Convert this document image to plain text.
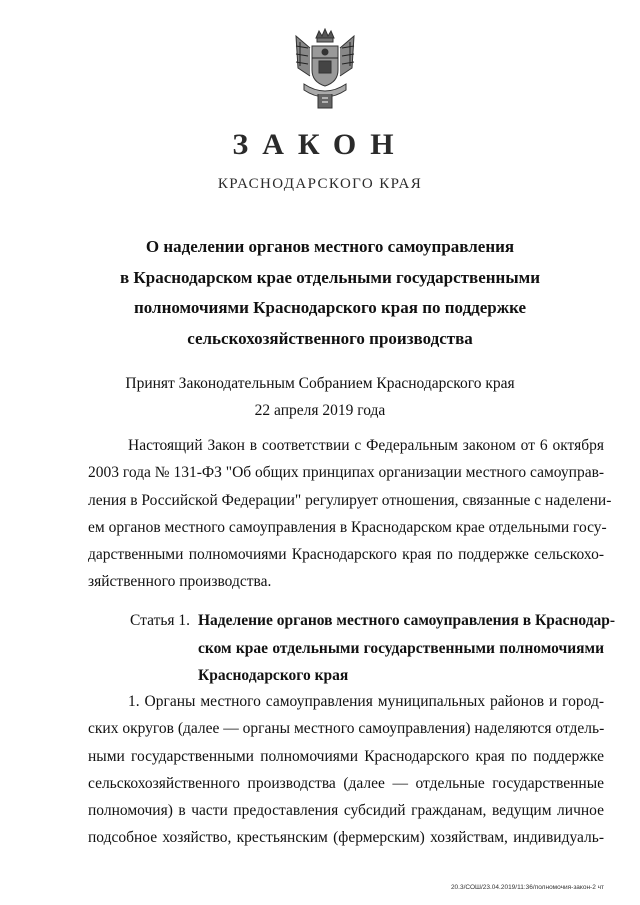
ЗАКОН
КРАСНОДАРСКОГО КРАЯ
О наделении органов местного самоуправления
в Краснодарском крае отдельными государственными
полномочиями Краснодарского края по поддержке
сельскохозяйственного производства
Принят Законодательным Собранием Краснодарского края
22 апреля 2019 года
Настоящий Закон в соответствии с Федеральным законом от 6 октября
2003 года № 131-ФЗ "Об общих принципах организации местного самоуправ-
ления в Российской Федерации" регулирует отношения, связанные с наделени-
ем органов местного самоуправления в Краснодарском крае отдельными госу-
дарственными полномочиями Краснодарского края по поддержке сельскохо-
зяйственного производства.
Статья 1. Наделение органов местного самоуправления в Краснодар-
ском крае отдельными государственными полномочиями
Краснодарского края
1. Органы местного самоуправления муниципальных районов и город-
ских округов (далее — органы местного самоуправления) наделяются отдель-
ными государственными полномочиями Краснодарского края по поддержке
сельскохозяйственного производства (далее — отдельные государственные
полномочия) в части предоставления субсидий гражданам, ведущим личное
подсобное хозяйство, крестьянским (фермерским) хозяйствам, индивидуаль-
20.3/СОШ/23.04.2019/11:36/полномочия-закон-2 чт
